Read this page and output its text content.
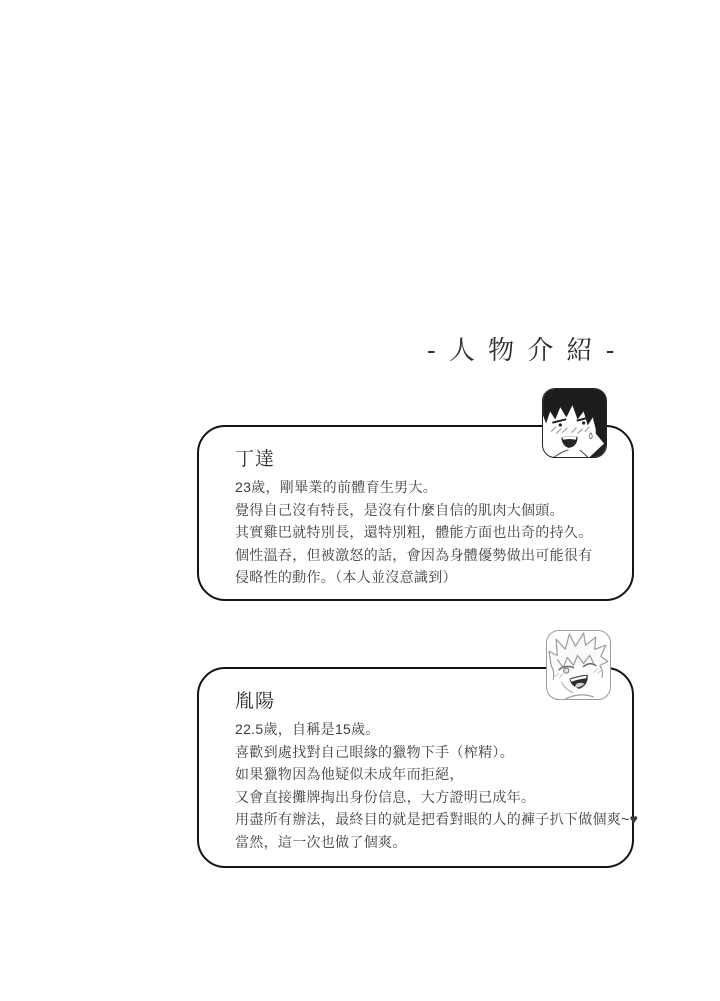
- 人 物 介 紹 -
丁達

23歲，剛畢業的前體育生男大。

覺得自己沒有特長，是沒有什麼自信的肌肉大個頭。

其實雞巴就特別長，還特別粗，體能方面也出奇的持久。

個性溫吞，但被激怒的話，會因為身體優勢做出可能很有

侵略性的動作。（本人並沒意識到）

胤陽

22.5歲，自稱是15歲。

喜歡到處找對自己眼緣的獵物下手（榨精）。

如果獵物因為他疑似未成年而拒絕，

又會直接攤牌掏出身份信息，大方證明已成年。

用盡所有辦法，最終目的就是把看對眼的人的褲子扒下做個爽~♥

當然，這一次也做了個爽。
